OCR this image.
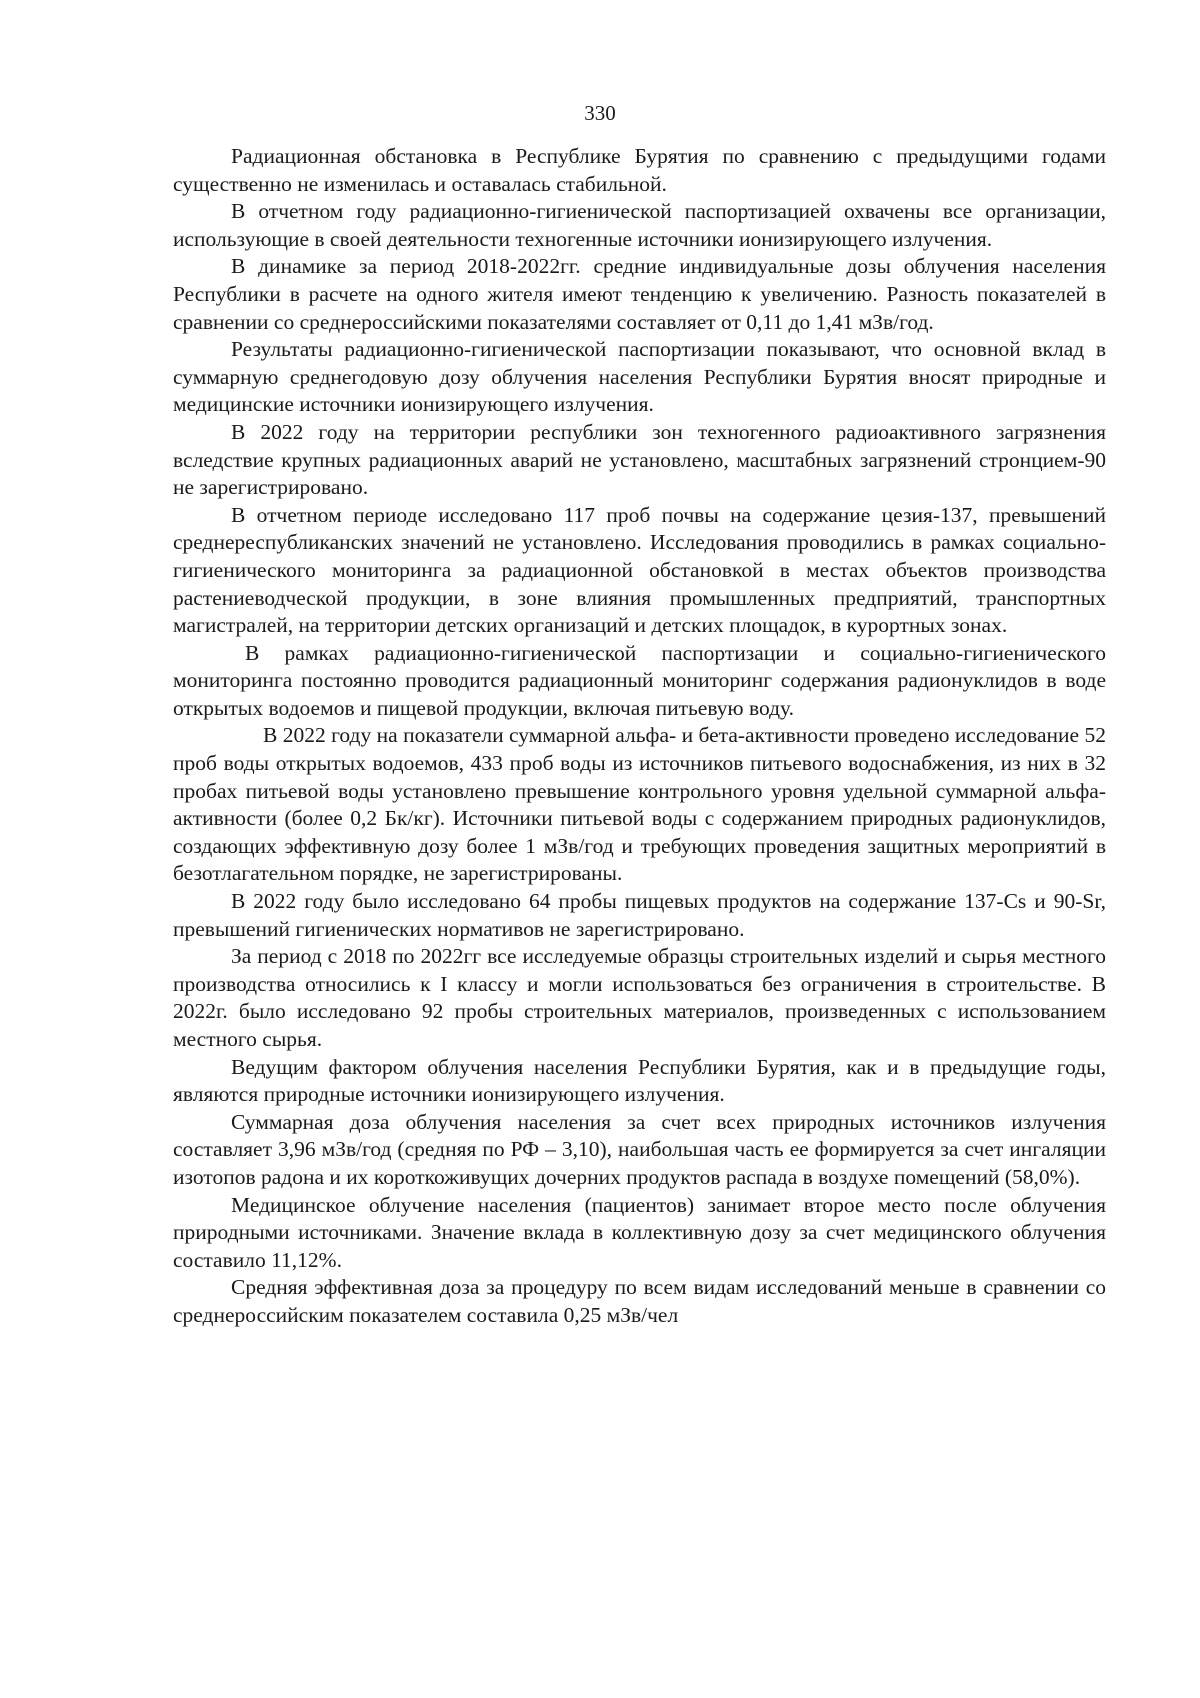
330

Радиационная обстановка в Республике Бурятия по сравнению с предыдущими годами существенно не изменилась и оставалась стабильной.

В отчетном году радиационно-гигиенической паспортизацией охвачены все организации, использующие в своей деятельности техногенные источники ионизирующего излучения.

В динамике за период 2018-2022гг. средние индивидуальные дозы облучения населения Республики в расчете на одного жителя имеют тенденцию к увеличению. Разность показателей в сравнении со среднероссийскими показателями составляет от 0,11 до 1,41 мЗв/год.

Результаты радиационно-гигиенической паспортизации показывают, что основной вклад в суммарную среднегодовую дозу облучения населения Республики Бурятия вносят природные и медицинские источники ионизирующего излучения.

В 2022 году на территории республики зон техногенного радиоактивного загрязнения вследствие крупных радиационных аварий не установлено, масштабных загрязнений стронцием-90 не зарегистрировано.

В отчетном периоде исследовано 117 проб почвы на содержание цезия-137, превышений среднереспубликанских значений не установлено. Исследования проводились в рамках социально-гигиенического мониторинга за радиационной обстановкой в местах объектов производства растениеводческой продукции, в зоне влияния промышленных предприятий, транспортных магистралей, на территории детских организаций и детских площадок, в курортных зонах.

В рамках радиационно-гигиенической паспортизации и социально-гигиенического мониторинга постоянно проводится радиационный мониторинг содержания радионуклидов в воде открытых водоемов и пищевой продукции, включая питьевую воду.

В 2022 году на показатели суммарной альфа- и бета-активности проведено исследование 52 проб воды открытых водоемов, 433 проб воды из источников питьевого водоснабжения, из них в 32 пробах питьевой воды установлено превышение контрольного уровня удельной суммарной альфа- активности (более 0,2 Бк/кг). Источники питьевой воды с содержанием природных радионуклидов, создающих эффективную дозу более 1 мЗв/год и требующих проведения защитных мероприятий в безотлагательном порядке, не зарегистрированы.

В 2022 году было исследовано 64 пробы пищевых продуктов на содержание 137-Cs и 90-Sr, превышений гигиенических нормативов не зарегистрировано.

За период с 2018 по 2022гг все исследуемые образцы строительных изделий и сырья местного производства относились к I классу и могли использоваться без ограничения в строительстве. В 2022г. было исследовано 92 пробы строительных материалов, произведенных с использованием местного сырья.

Ведущим фактором облучения населения Республики Бурятия, как и в предыдущие годы, являются природные источники ионизирующего излучения.

Суммарная доза облучения населения за счет всех природных источников излучения составляет 3,96 мЗв/год (средняя по РФ – 3,10), наибольшая часть ее формируется за счет ингаляции изотопов радона и их короткоживущих дочерних продуктов распада в воздухе помещений (58,0%).

Медицинское облучение населения (пациентов) занимает второе место после облучения природными источниками. Значение вклада в коллективную дозу за счет медицинского облучения составило 11,12%.

Средняя эффективная доза за процедуру по всем видам исследований меньше в сравнении со среднероссийским показателем составила 0,25 мЗв/чел
